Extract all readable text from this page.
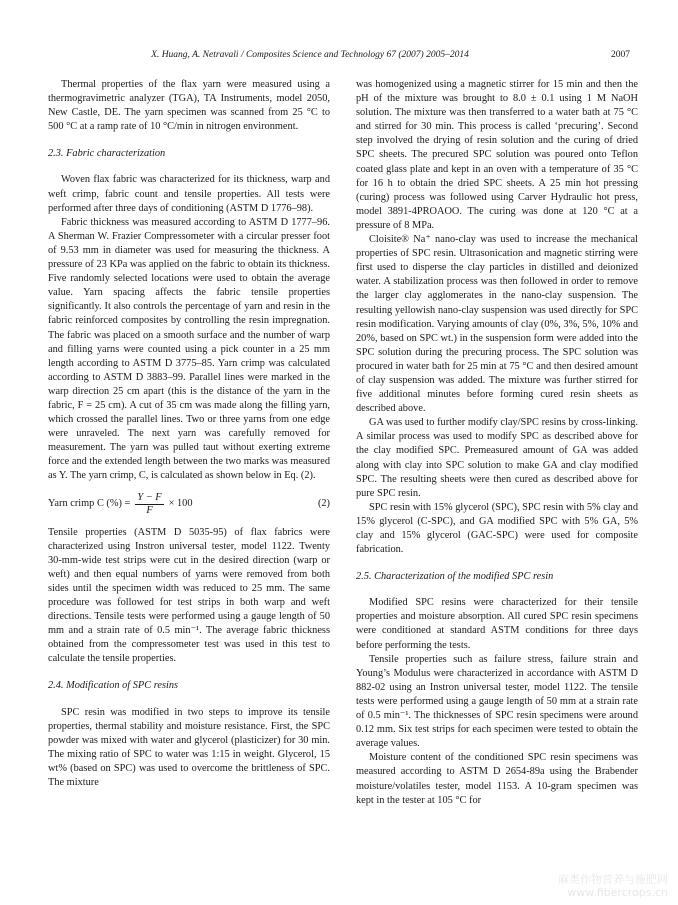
X. Huang, A. Netravali / Composites Science and Technology 67 (2007) 2005–2014	2007

Thermal properties of the flax yarn were measured using a thermogravimetric analyzer (TGA), TA Instruments, model 2050, New Castle, DE. The yarn specimen was scanned from 25 °C to 500 °C at a ramp rate of 10 °C/min in nitrogen environment.

2.3. Fabric characterization

Woven flax fabric was characterized for its thickness, warp and weft crimp, fabric count and tensile properties. All tests were performed after three days of conditioning (ASTM D 1776–98).

Fabric thickness was measured according to ASTM D 1777–96. A Sherman W. Frazier Compressometer with a circular presser foot of 9.53 mm in diameter was used for measuring the thickness. A pressure of 23 KPa was applied on the fabric to obtain its thickness. Five randomly selected locations were used to obtain the average value. Yarn spacing affects the fabric tensile properties significantly. It also controls the percentage of yarn and resin in the fabric reinforced composites by controlling the resin impregnation. The fabric was placed on a smooth surface and the number of warp and filling yarns were counted using a pick counter in a 25 mm length according to ASTM D 3775–85. Yarn crimp was calculated according to ASTM D 3883–99. Parallel lines were marked in the warp direction 25 cm apart (this is the distance of the yarn in the fabric, F = 25 cm). A cut of 35 cm was made along the filling yarn, which crossed the parallel lines. Two or three yarns from one edge were unraveled. The next yarn was carefully removed for measurement. The yarn was pulled taut without exerting extreme force and the extended length between the two marks was measured as Y. The yarn crimp, C, is calculated as shown below in Eq. (2).

Yarn crimp C (%) = $\frac{Y - F}{F} \times 100$	(2)

Tensile properties (ASTM D 5035-95) of flax fabrics were characterized using Instron universal tester, model 1122. Twenty 30-mm-wide test strips were cut in the desired direction (warp or weft) and then equal numbers of yarns were removed from both sides until the specimen width was reduced to 25 mm. The same procedure was followed for test strips in both warp and weft directions. Tensile tests were performed using a gauge length of 50 mm and a strain rate of 0.5 min⁻¹. The average fabric thickness obtained from the compressometer test was used in this test to calculate the tensile properties.

2.4. Modification of SPC resins

SPC resin was modified in two steps to improve its tensile properties, thermal stability and moisture resistance. First, the SPC powder was mixed with water and glycerol (plasticizer) for 30 min. The mixing ratio of SPC to water was 1:15 in weight. Glycerol, 15 wt% (based on SPC) was used to overcome the brittleness of SPC. The mixture

was homogenized using a magnetic stirrer for 15 min and then the pH of the mixture was brought to 8.0 ± 0.1 using 1 M NaOH solution. The mixture was then transferred to a water bath at 75 °C and stirred for 30 min. This process is called ‘precuring’. Second step involved the drying of resin solution and the curing of dried SPC sheets. The precured SPC solution was poured onto Teflon coated glass plate and kept in an oven with a temperature of 35 °C for 16 h to obtain the dried SPC sheets. A 25 min hot pressing (curing) process was followed using Carver Hydraulic hot press, model 3891-4PROAOO. The curing was done at 120 °C at a pressure of 8 MPa.

Cloisite® Na⁺ nano-clay was used to increase the mechanical properties of SPC resin. Ultrasonication and magnetic stirring were first used to disperse the clay particles in distilled and deionized water. A stabilization process was then followed in order to remove the larger clay agglomerates in the nano-clay suspension. The resulting yellowish nano-clay suspension was used directly for SPC resin modification. Varying amounts of clay (0%, 3%, 5%, 10% and 20%, based on SPC wt.) in the suspension form were added into the SPC solution during the precuring process. The SPC solution was procured in water bath for 25 min at 75 °C and then desired amount of clay suspension was added. The mixture was further stirred for five additional minutes before forming cured resin sheets as described above.

GA was used to further modify clay/SPC resins by cross-linking. A similar process was used to modify SPC as described above for the clay modified SPC. Premeasured amount of GA was added along with clay into SPC solution to make GA and clay modified SPC. The resulting sheets were then cured as described above for pure SPC resin.

SPC resin with 15% glycerol (SPC), SPC resin with 5% clay and 15% glycerol (C-SPC), and GA modified SPC with 5% GA, 5% clay and 15% glycerol (GAC-SPC) were used for composite fabrication.

2.5. Characterization of the modified SPC resin

Modified SPC resins were characterized for their tensile properties and moisture absorption. All cured SPC resin specimens were conditioned at standard ASTM conditions for three days before performing the tests.

Tensile properties such as failure stress, failure strain and Young’s Modulus were characterized in accordance with ASTM D 882-02 using an Instron universal tester, model 1122. The tensile tests were performed using a gauge length of 50 mm at a strain rate of 0.5 min⁻¹. The thicknesses of SPC resin specimens were around 0.12 mm. Six test strips for each specimen were tested to obtain the average values.

Moisture content of the conditioned SPC resin specimens was measured according to ASTM D 2654-89a using the Brabender moisture/volatiles tester, model 1153. A 10-gram specimen was kept in the tester at 105 °C for

麻类作物营养与施肥网
www.fibercrops.cn
